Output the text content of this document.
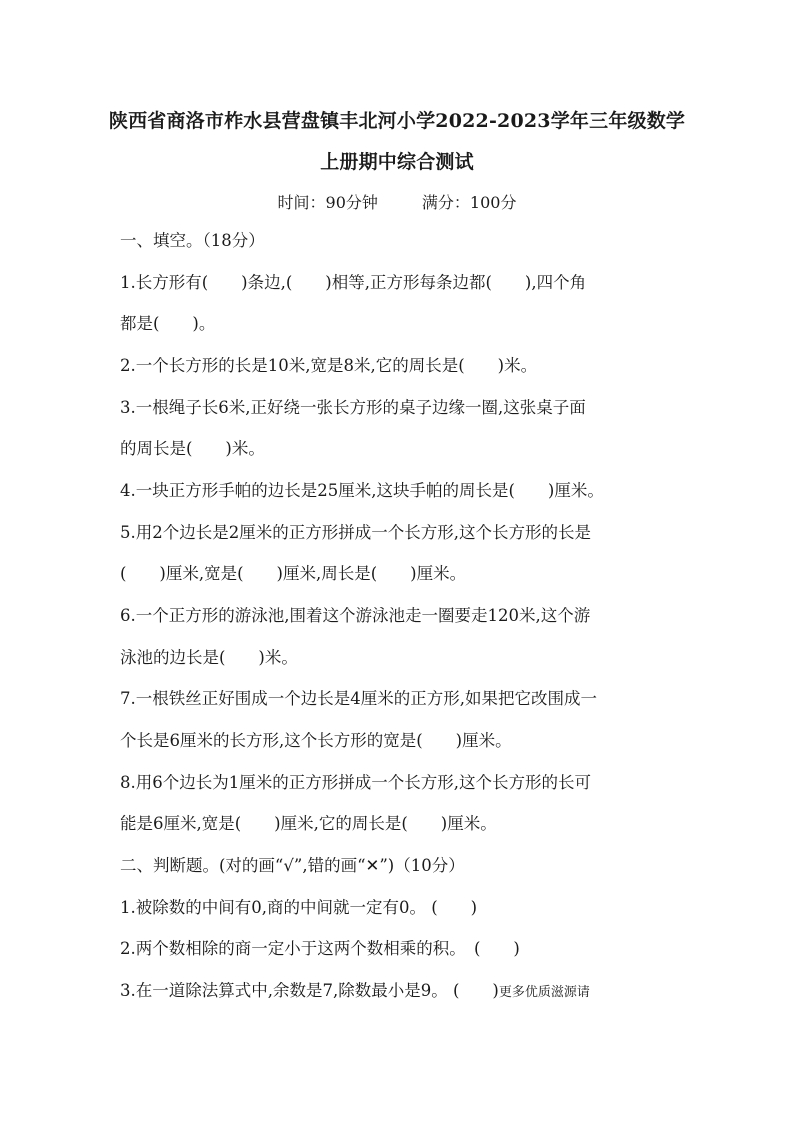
陕西省商洛市柞水县营盘镇丰北河小学2022-2023学年三年级数学
上册期中综合测试
时间：90分钟	满分：100分
一、填空。（18分）
1.长方形有(　　)条边,(　　)相等,正方形每条边都(　　),四个角
都是(　　)。
2.一个长方形的长是10米,宽是8米,它的周长是(　　)米。
3.一根绳子长6米,正好绕一张长方形的桌子边缘一圈,这张桌子面
的周长是(　　)米。
4.一块正方形手帕的边长是25厘米,这块手帕的周长是(　　)厘米。
5.用2个边长是2厘米的正方形拼成一个长方形,这个长方形的长是
(　　)厘米,宽是(　　)厘米,周长是(　　)厘米。
6.一个正方形的游泳池,围着这个游泳池走一圈要走120米,这个游
泳池的边长是(　　)米。
7.一根铁丝正好围成一个边长是4厘米的正方形,如果把它改围成一
个长是6厘米的长方形,这个长方形的宽是(　　)厘米。
8.用6个边长为1厘米的正方形拼成一个长方形,这个长方形的长可
能是6厘米,宽是(　　)厘米,它的周长是(　　)厘米。
二、判断题。(对的画“√”,错的画“✕”)（10分）
1.被除数的中间有0,商的中间就一定有0。 (　　)
2.两个数相除的商一定小于这两个数相乘的积。　(　　)
3.在一道除法算式中,余数是7,除数最小是9。 (　　)更多优质滋源请
